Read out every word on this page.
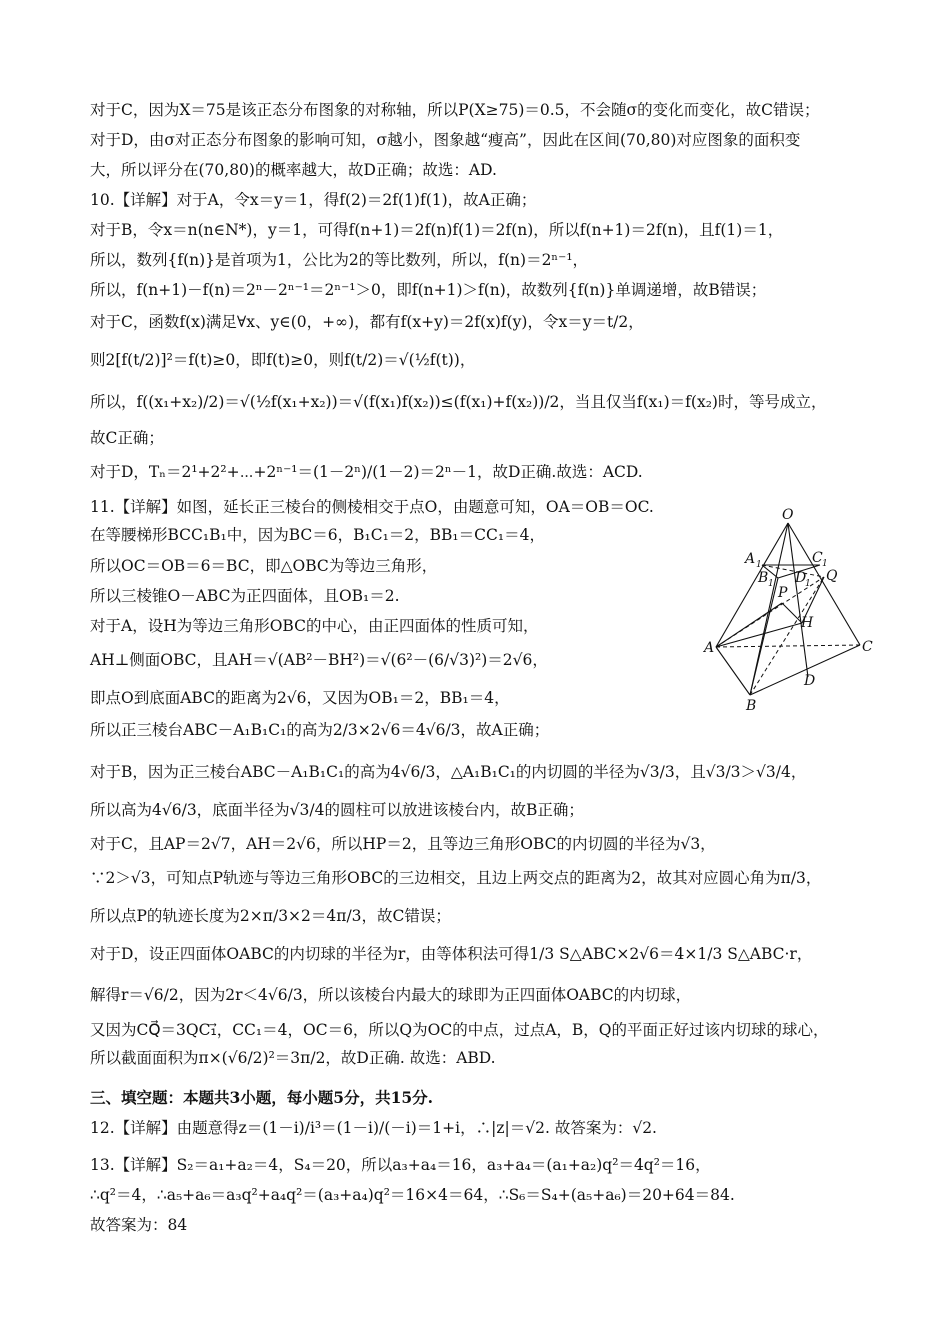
对于C，因为X＝75是该正态分布图象的对称轴，所以P(X≥75)＝0.5，不会随σ的变化而变化，故C错误；
对于D，由σ对正态分布图象的影响可知，σ越小，图象越“瘦高”，因此在区间(70,80)对应图象的面积变
大，所以评分在(70,80)的概率越大，故D正确；故选：AD.
10.【详解】对于A，令x＝y＝1，得f(2)＝2f(1)f(1)，故A正确；
对于B，令x＝n(n∈N*)，y＝1，可得f(n+1)＝2f(n)f(1)＝2f(n)，所以f(n+1)＝2f(n)，且f(1)＝1，
所以，数列{f(n)}是首项为1，公比为2的等比数列，所以，f(n)＝2ⁿ⁻¹，
所以，f(n+1)－f(n)＝2ⁿ－2ⁿ⁻¹＝2ⁿ⁻¹＞0，即f(n+1)＞f(n)，故数列{f(n)}单调递增，故B错误；
对于C，函数f(x)满足∀x、y∈(0，+∞)，都有f(x+y)＝2f(x)f(y)，令x＝y＝t/2，
则2[f(t/2)]²＝f(t)≥0，即f(t)≥0，则f(t/2)＝√(½f(t))，
所以，f((x₁+x₂)/2)＝√(½f(x₁+x₂))＝√(f(x₁)f(x₂))≤(f(x₁)+f(x₂))/2，当且仅当f(x₁)＝f(x₂)时，等号成立，
故C正确；
对于D，Tₙ＝2¹+2²+⋯+2ⁿ⁻¹＝(1－2ⁿ)/(1－2)＝2ⁿ－1，故D正确.故选：ACD.
11.【详解】如图，延长正三棱台的侧棱相交于点O，由题意可知，OA＝OB＝OC.
在等腰梯形BCC₁B₁中，因为BC＝6，B₁C₁＝2，BB₁＝CC₁＝4，
所以OC＝OB＝6＝BC，即△OBC为等边三角形，
所以三棱锥O－ABC为正四面体，且OB₁＝2.
对于A，设H为等边三角形OBC的中心，由正四面体的性质可知，
AH⊥侧面OBC，且AH＝√(AB²－BH²)＝√(6²－(6/√3)²)＝2√6，
即点O到底面ABC的距离为2√6，又因为OB₁＝2，BB₁＝4，
所以正三棱台ABC－A₁B₁C₁的高为2/3×2√6＝4√6/3，故A正确；
对于B，因为正三棱台ABC－A₁B₁C₁的高为4√6/3，△A₁B₁C₁的内切圆的半径为√3/3，且√3/3＞√3/4，
所以高为4√6/3，底面半径为√3/4的圆柱可以放进该棱台内，故B正确；
对于C，且AP＝2√7，AH＝2√6，所以HP＝2，且等边三角形OBC的内切圆的半径为√3，
∵2＞√3，可知点P轨迹与等边三角形OBC的三边相交，且边上两交点的距离为2，故其对应圆心角为π/3，
所以点P的轨迹长度为2×π/3×2＝4π/3，故C错误；
对于D，设正四面体OABC的内切球的半径为r，由等体积法可得1/3 S△ABC×2√6＝4×1/3 S△ABC·r，
解得r＝√6/2，因为2r＜4√6/3，所以该棱台内最大的球即为正四面体OABC的内切球，
又因为CQ⃗＝3QC₁⃗，CC₁＝4，OC＝6，所以Q为OC的中点，过点A，B，Q的平面正好过该内切球的球心，
所以截面面积为π×(√6/2)²＝3π/2，故D正确. 故选：ABD.
三、填空题：本题共3小题，每小题5分，共15分.
12.【详解】由题意得z＝(1－i)/i³＝(1－i)/(－i)＝1+i，∴|z|＝√2. 故答案为：√2.
13.【详解】S₂＝a₁+a₂＝4，S₄＝20，所以a₃+a₄＝16，a₃+a₄＝(a₁+a₂)q²＝4q²＝16，
∴q²＝4，∴a₅+a₆＝a₃q²+a₄q²＝(a₃+a₄)q²＝16×4＝64，∴S₆＝S₄+(a₅+a₆)＝20+64＝84.
故答案为：84
O
A 1	C 1
B 1 D
1 Q
P
H
A	C
D
B
